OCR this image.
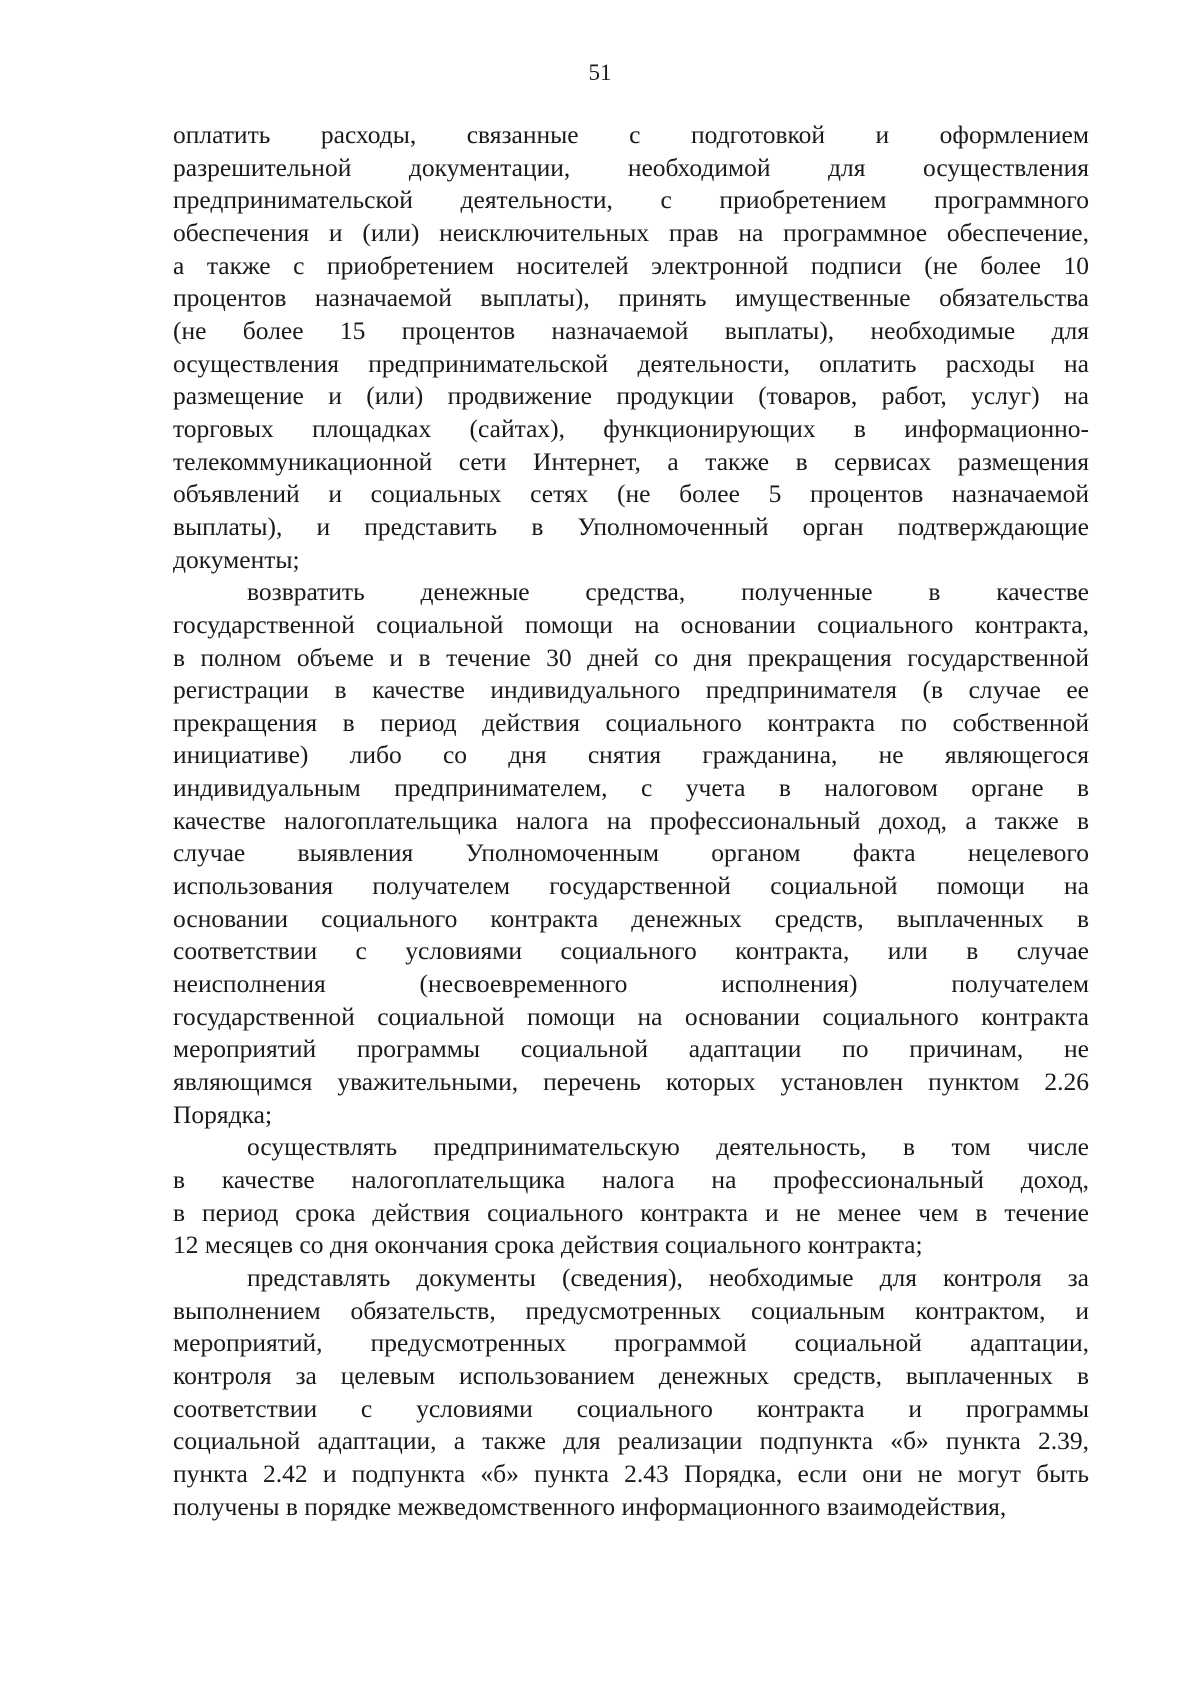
51

оплатить расходы, связанные с подготовкой и оформлением
разрешительной документации, необходимой для осуществления
предпринимательской деятельности, с приобретением программного
обеспечения и (или) неисключительных прав на программное обеспечение,
а также с приобретением носителей электронной подписи (не более 10
процентов назначаемой выплаты), принять имущественные обязательства
(не более 15 процентов назначаемой выплаты), необходимые для
осуществления предпринимательской деятельности, оплатить расходы на
размещение и (или) продвижение продукции (товаров, работ, услуг) на
торговых площадках (сайтах), функционирующих в информационно-
телекоммуникационной сети Интернет, а также в сервисах размещения
объявлений и социальных сетях (не более 5 процентов назначаемой
выплаты), и представить в Уполномоченный орган подтверждающие
документы;

возвратить денежные средства, полученные в качестве
государственной социальной помощи на основании социального контракта,
в полном объеме и в течение 30 дней со дня прекращения государственной
регистрации в качестве индивидуального предпринимателя (в случае ее
прекращения в период действия социального контракта по собственной
инициативе) либо со дня снятия гражданина, не являющегося
индивидуальным предпринимателем, с учета в налоговом органе в
качестве налогоплательщика налога на профессиональный доход, а также в
случае выявления Уполномоченным органом факта нецелевого
использования получателем государственной социальной помощи на
основании социального контракта денежных средств, выплаченных в
соответствии с условиями социального контракта, или в случае
неисполнения (несвоевременного исполнения) получателем
государственной социальной помощи на основании социального контракта
мероприятий программы социальной адаптации по причинам, не
являющимся уважительными, перечень которых установлен пунктом 2.26
Порядка;

осуществлять предпринимательскую деятельность, в том числе
в качестве налогоплательщика налога на профессиональный доход,
в период срока действия социального контракта и не менее чем в течение
12 месяцев со дня окончания срока действия социального контракта;

представлять документы (сведения), необходимые для контроля за
выполнением обязательств, предусмотренных социальным контрактом, и
мероприятий, предусмотренных программой социальной адаптации,
контроля за целевым использованием денежных средств, выплаченных в
соответствии с условиями социального контракта и программы
социальной адаптации, а также для реализации подпункта «б» пункта 2.39,
пункта 2.42 и подпункта «б» пункта 2.43 Порядка, если они не могут быть
получены в порядке межведомственного информационного взаимодействия,
